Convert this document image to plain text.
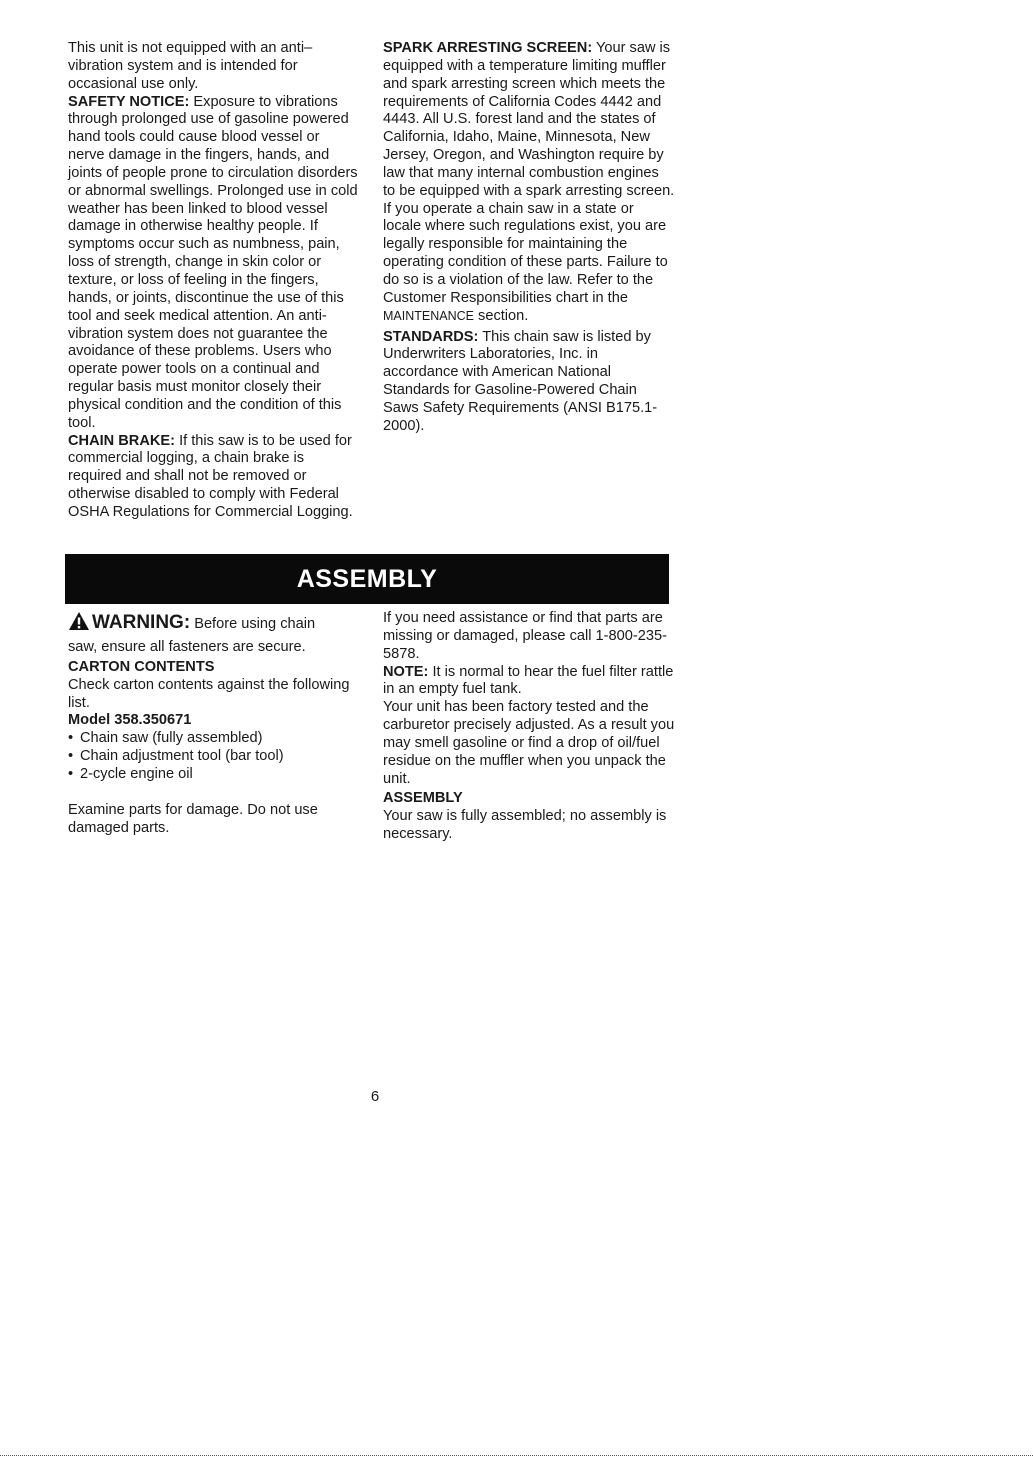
This unit is not equipped with an anti–vibration system and is intended for occasional use only.

SAFETY NOTICE: Exposure to vibrations through prolonged use of gasoline powered hand tools could cause blood vessel or nerve damage in the fingers, hands, and joints of people prone to circulation disorders or abnormal swellings. Prolonged use in cold weather has been linked to blood vessel damage in otherwise healthy people. If symptoms occur such as numbness, pain, loss of strength, change in skin color or texture, or loss of feeling in the fingers, hands, or joints, discontinue the use of this tool and seek medical attention. An anti-vibration system does not guarantee the avoidance of these problems. Users who operate power tools on a continual and regular basis must monitor closely their physical condition and the condition of this tool.

CHAIN BRAKE: If this saw is to be used for commercial logging, a chain brake is required and shall not be removed or otherwise disabled to comply with Federal OSHA Regulations for Commercial Logging.

SPARK ARRESTING SCREEN: Your saw is equipped with a temperature limiting muffler and spark arresting screen which meets the requirements of California Codes 4442 and 4443. All U.S. forest land and the states of California, Idaho, Maine, Minnesota, New Jersey, Oregon, and Washington require by law that many internal combustion engines to be equipped with a spark arresting screen. If you operate a chain saw in a state or locale where such regulations exist, you are legally responsible for maintaining the operating condition of these parts. Failure to do so is a violation of the law. Refer to the Customer Responsibilities chart in the MAINTENANCE section.

STANDARDS: This chain saw is listed by Underwriters Laboratories, Inc. in accordance with American National Standards for Gasoline-Powered Chain Saws Safety Requirements (ANSI B175.1-2000).

ASSEMBLY

WARNING: Before using chain

saw, ensure all fasteners are secure.

CARTON CONTENTS

Check carton contents against the following list.

Model 358.350671

• Chain saw (fully assembled)
• Chain adjustment tool (bar tool)
• 2-cycle engine oil

Examine parts for damage. Do not use damaged parts.

If you need assistance or find that parts are missing or damaged, please call 1-800-235-5878.

NOTE: It is normal to hear the fuel filter rattle in an empty fuel tank.

Your unit has been factory tested and the carburetor precisely adjusted. As a result you may smell gasoline or find a drop of oil/fuel residue on the muffler when you unpack the unit.

ASSEMBLY

Your saw is fully assembled; no assembly is necessary.

6
